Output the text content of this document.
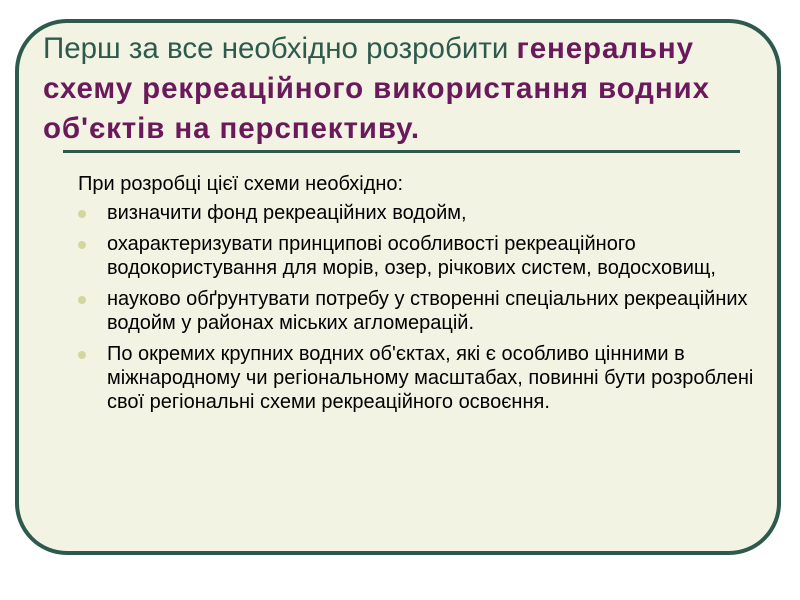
Перш за все необхідно розробити генеральну схему рекреаційного використання водних об'єктів на перспективу.

При розробці цієї схеми необхідно:

визначити фонд рекреаційних водойм,
охарактеризувати принципові особливості рекреаційного водокористування для морів, озер, річкових систем, водосховищ,
науково обґрунтувати потребу у створенні спеціальних рекреаційних водойм у районах міських агломерацій.
По окремих крупних водних об'єктах, які є особливо цінними в міжнародному чи регіональному масштабах, повинні бути розроблені свої регіональні схеми рекреаційного освоєння.
